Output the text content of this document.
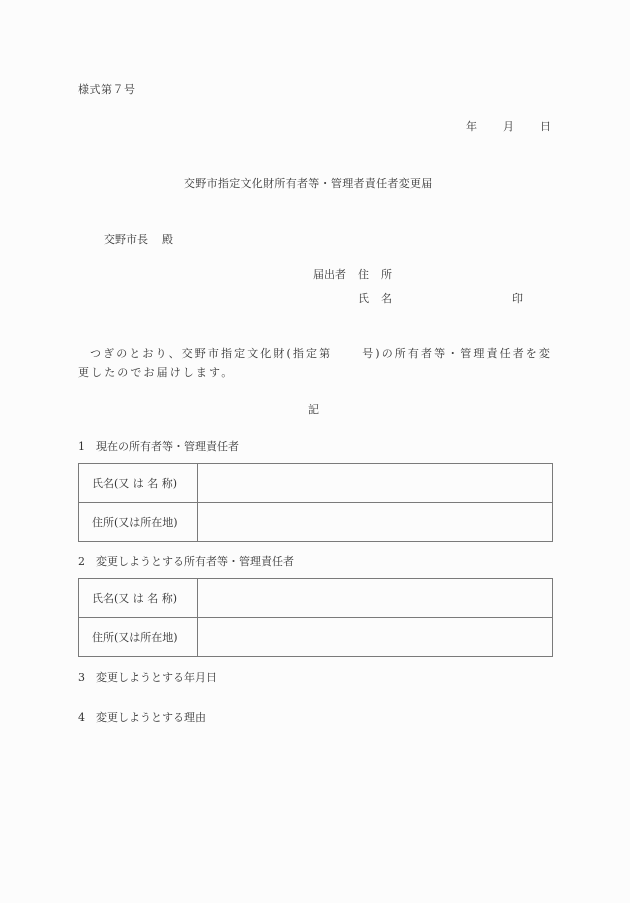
様式第７号
年 月 日
交野市指定文化財所有者等・管理者責任者変更届
交野市長 殿
届出者 住 所
氏 名	印
つぎのとおり、交野市指定文化財(指定第	号)の所有者等・管理責任者を変更したのでお届けします。
記
1 現在の所有者等・管理責任者
氏名(又 は 名 称)	
住所(又は所在地)	
2 変更しようとする所有者等・管理責任者
氏名(又 は 名 称)	
住所(又は所在地)	
3 変更しようとする年月日
4 変更しようとする理由
